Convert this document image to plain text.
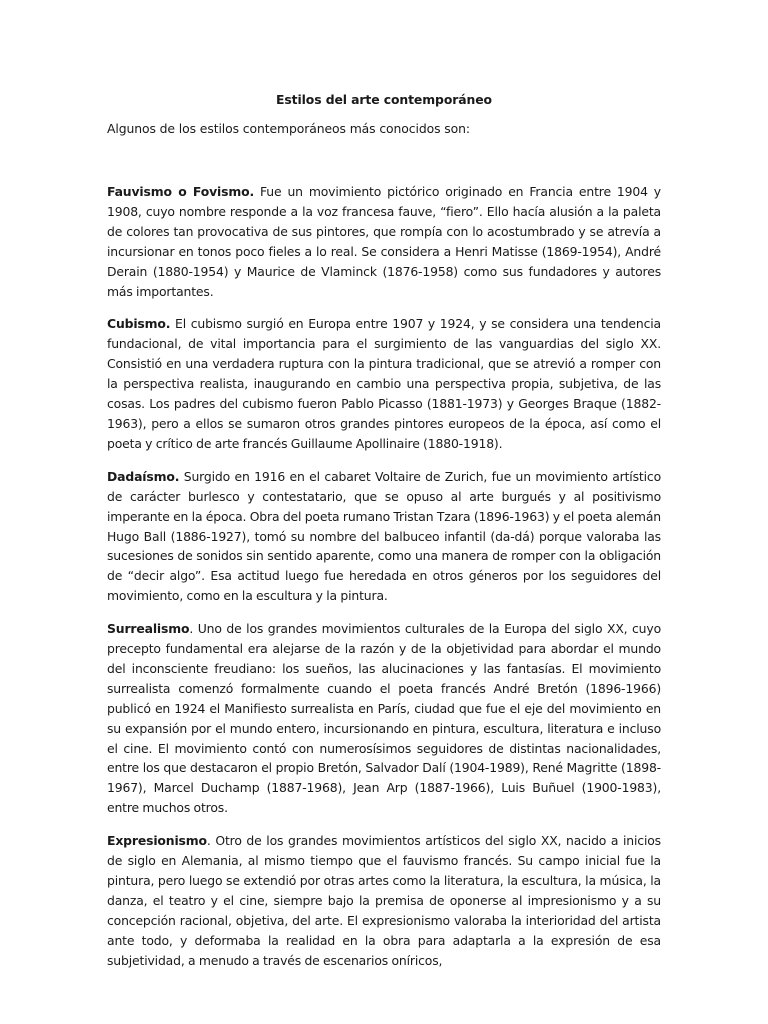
Estilos del arte contemporáneo

Algunos de los estilos contemporáneos más conocidos son:

Fauvismo o Fovismo. Fue un movimiento pictórico originado en Francia entre 1904 y 1908, cuyo nombre responde a la voz francesa fauve, “fiero”. Ello hacía alusión a la paleta de colores tan provocativa de sus pintores, que rompía con lo acostumbrado y se atrevía a incursionar en tonos poco fieles a lo real. Se considera a Henri Matisse (1869-1954), André Derain (1880-1954) y Maurice de Vlaminck (1876-1958) como sus fundadores y autores más importantes.

Cubismo. El cubismo surgió en Europa entre 1907 y 1924, y se considera una tendencia fundacional, de vital importancia para el surgimiento de las vanguardias del siglo XX. Consistió en una verdadera ruptura con la pintura tradicional, que se atrevió a romper con la perspectiva realista, inaugurando en cambio una perspectiva propia, subjetiva, de las cosas. Los padres del cubismo fueron Pablo Picasso (1881-1973) y Georges Braque (1882-1963), pero a ellos se sumaron otros grandes pintores europeos de la época, así como el poeta y crítico de arte francés Guillaume Apollinaire (1880-1918).

Dadaísmo. Surgido en 1916 en el cabaret Voltaire de Zurich, fue un movimiento artístico de carácter burlesco y contestatario, que se opuso al arte burgués y al positivismo imperante en la época. Obra del poeta rumano Tristan Tzara (1896-1963) y el poeta alemán Hugo Ball (1886-1927), tomó su nombre del balbuceo infantil (da-dá) porque valoraba las sucesiones de sonidos sin sentido aparente, como una manera de romper con la obligación de “decir algo”. Esa actitud luego fue heredada en otros géneros por los seguidores del movimiento, como en la escultura y la pintura.

Surrealismo. Uno de los grandes movimientos culturales de la Europa del siglo XX, cuyo precepto fundamental era alejarse de la razón y de la objetividad para abordar el mundo del inconsciente freudiano: los sueños, las alucinaciones y las fantasías. El movimiento surrealista comenzó formalmente cuando el poeta francés André Bretón (1896-1966) publicó en 1924 el Manifiesto surrealista en París, ciudad que fue el eje del movimiento en su expansión por el mundo entero, incursionando en pintura, escultura, literatura e incluso el cine. El movimiento contó con numerosísimos seguidores de distintas nacionalidades, entre los que destacaron el propio Bretón, Salvador Dalí (1904-1989), René Magritte (1898-1967), Marcel Duchamp (1887-1968), Jean Arp (1887-1966), Luis Buñuel (1900-1983), entre muchos otros.

Expresionismo. Otro de los grandes movimientos artísticos del siglo XX, nacido a inicios de siglo en Alemania, al mismo tiempo que el fauvismo francés. Su campo inicial fue la pintura, pero luego se extendió por otras artes como la literatura, la escultura, la música, la danza, el teatro y el cine, siempre bajo la premisa de oponerse al impresionismo y a su concepción racional, objetiva, del arte. El expresionismo valoraba la interioridad del artista ante todo, y deformaba la realidad en la obra para adaptarla a la expresión de esa subjetividad, a menudo a través de escenarios oníricos,
